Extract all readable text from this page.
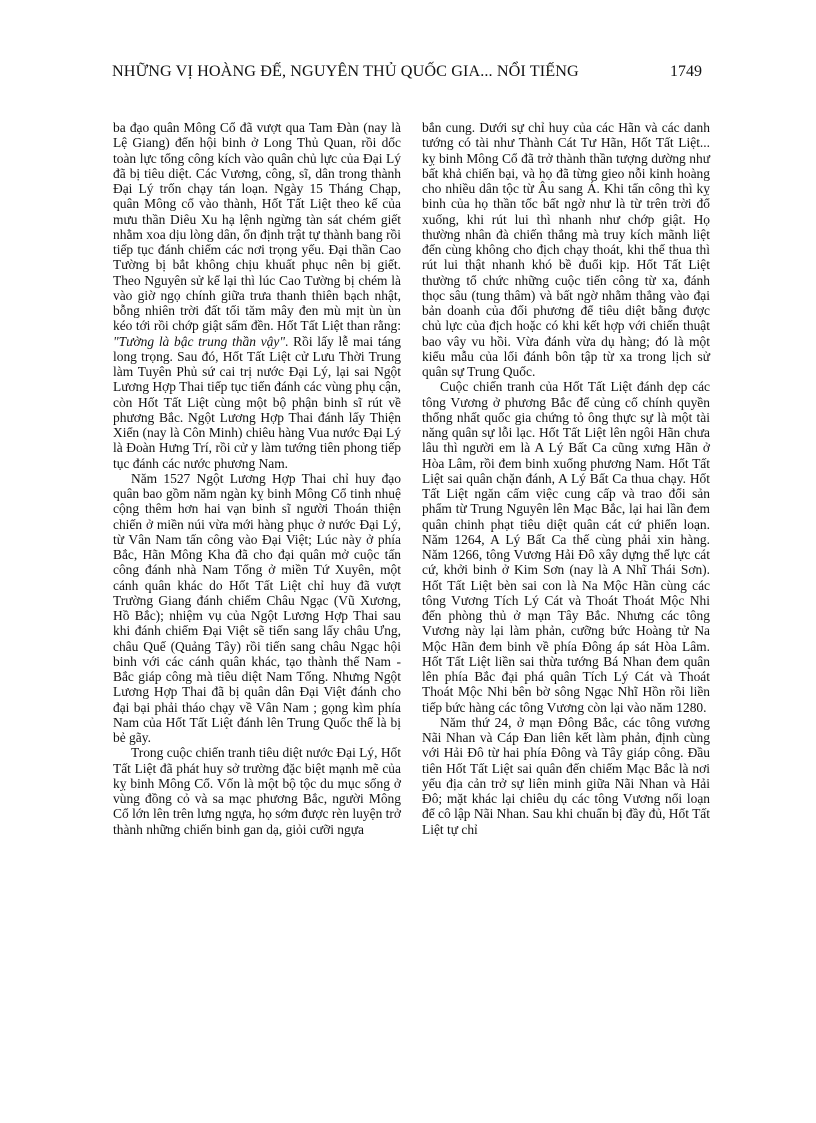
NHỮNG VỊ HOÀNG ĐẾ, NGUYÊN THỦ QUỐC GIA... NỔI TIẾNG	1749

ba đạo quân Mông Cổ đã vượt qua Tam Đàn (nay là Lệ Giang) đến hội binh ở Long Thủ Quan, rồi dốc toàn lực tổng công kích vào quân chủ lực của Đại Lý đã bị tiêu diệt. Các Vương, công, sĩ, dân trong thành Đại Lý trốn chạy tán loạn. Ngày 15 Tháng Chạp, quân Mông cổ vào thành, Hốt Tất Liệt theo kế của mưu thần Diêu Xu hạ lệnh ngừng tàn sát chém giết nhằm xoa dịu lòng dân, ổn định trật tự thành bang rồi tiếp tục đánh chiếm các nơi trọng yếu. Đại thần Cao Tường bị bắt không chịu khuất phục nên bị giết. Theo Nguyên sử kể lại thì lúc Cao Tường bị chém là vào giờ ngọ chính giữa trưa thanh thiên bạch nhật, bỗng nhiên trời đất tối tăm mây đen mù mịt ùn ùn kéo tới rồi chớp giật sấm đền. Hốt Tất Liệt than rằng: "Tường là bậc trung thần vậy". Rồi lấy lễ mai táng long trọng. Sau đó, Hốt Tất Liệt cử Lưu Thời Trung làm Tuyên Phủ sứ cai trị nước Đại Lý, lại sai Ngột Lương Hợp Thai tiếp tục tiến đánh các vùng phụ cận, còn Hốt Tất Liệt cùng một bộ phận binh sĩ rút về phương Bắc. Ngột Lương Hợp Thai đánh lấy Thiện Xiển (nay là Côn Minh) chiêu hàng Vua nước Đại Lý là Đoàn Hưng Trí, rồi cử y làm tướng tiên phong tiếp tục đánh các nước phương Nam.

Năm 1527 Ngột Lương Hợp Thai chỉ huy đạo quân bao gồm năm ngàn kỵ binh Mông Cổ tinh nhuệ cộng thêm hơn hai vạn binh sĩ người Thoán thiện chiến ở miền núi vừa mới hàng phục ở nước Đại Lý, từ Vân Nam tấn công vào Đại Việt; Lúc này ở phía Bắc, Hãn Mông Kha đã cho đại quân mở cuộc tấn công đánh nhà Nam Tống ở miền Tứ Xuyên, một cánh quân khác do Hốt Tất Liệt chỉ huy đã vượt Trường Giang đánh chiếm Châu Ngạc (Vũ Xương, Hồ Bắc); nhiệm vụ của Ngột Lương Hợp Thai sau khi đánh chiếm Đại Việt sẽ tiến sang lấy châu Ưng, châu Quế (Quảng Tây) rồi tiến sang châu Ngạc hội binh với các cánh quân khác, tạo thành thế Nam - Bắc giáp công mà tiêu diệt Nam Tống. Nhưng Ngột Lương Hợp Thai đã bị quân dân Đại Việt đánh cho đại bại phải tháo chạy về Vân Nam ; gọng kìm phía Nam của Hốt Tất Liệt đánh lên Trung Quốc thế là bị bẻ gãy.

Trong cuộc chiến tranh tiêu diệt nước Đại Lý, Hốt Tất Liệt đã phát huy sở trường đặc biệt mạnh mẽ của kỵ binh Mông Cổ. Vốn là một bộ tộc du mục sống ở vùng đồng cỏ và sa mạc phương Bắc, người Mông Cổ lớn lên trên lưng ngựa, họ sớm được rèn luyện trở thành những chiến binh gan dạ, giỏi cưỡi ngựa

bắn cung. Dưới sự chỉ huy của các Hãn và các danh tướng có tài như Thành Cát Tư Hãn, Hốt Tất Liệt... kỵ binh Mông Cổ đã trở thành thần tượng dường như bất khả chiến bại, và họ đã từng gieo nỗi kinh hoàng cho nhiều dân tộc từ Âu sang Á. Khi tấn công thì kỵ binh của họ thần tốc bất ngờ như là từ trên trời đổ xuống, khi rút lui thì nhanh như chớp giật. Họ thường nhân đà chiến thắng mà truy kích mãnh liệt đến cùng không cho địch chạy thoát, khi thế thua thì rút lui thật nhanh khó bề đuổi kịp. Hốt Tất Liệt thường tổ chức những cuộc tiến công từ xa, đánh thọc sâu (tung thâm) và bất ngờ nhằm thẳng vào đại bản doanh của đối phương để tiêu diệt bằng được chủ lực của địch hoặc có khi kết hợp với chiến thuật bao vây vu hồi. Vừa đánh vừa dụ hàng; đó là một kiểu mẫu của lối đánh bôn tập từ xa trong lịch sử quân sự Trung Quốc.

Cuộc chiến tranh của Hốt Tất Liệt đánh dẹp các tông Vương ở phương Bắc để củng cố chính quyền thống nhất quốc gia chứng tỏ ông thực sự là một tài năng quân sự lỗi lạc. Hốt Tất Liệt lên ngôi Hãn chưa lâu thì người em là A Lý Bất Ca cũng xưng Hãn ở Hòa Lâm, rồi đem binh xuống phương Nam. Hốt Tất Liệt sai quân chặn đánh, A Lý Bất Ca thua chạy. Hốt Tất Liệt ngăn cấm việc cung cấp và trao đổi sản phẩm từ Trung Nguyên lên Mạc Bắc, lại hai lần đem quân chinh phạt tiêu diệt quân cát cứ phiến loạn. Năm 1264, A Lý Bất Ca thế cùng phải xin hàng. Năm 1266, tông Vương Hải Đô xây dựng thế lực cát cứ, khởi binh ở Kim Sơn (nay là A Nhĩ Thái Sơn). Hốt Tất Liệt bèn sai con là Na Mộc Hãn cùng các tông Vương Tích Lý Cát và Thoát Thoát Mộc Nhi đến phòng thủ ở mạn Tây Bắc. Nhưng các tông Vương này lại làm phản, cưỡng bức Hoàng tử Na Mộc Hãn đem binh về phía Đông áp sát Hòa Lâm. Hốt Tất Liệt liền sai thừa tướng Bá Nhan đem quân lên phía Bắc đại phá quân Tích Lý Cát và Thoát Thoát Mộc Nhi bên bờ sông Ngạc Nhĩ Hồn rồi liền tiếp bức hàng các tông Vương còn lại vào năm 1280.

Năm thứ 24, ở mạn Đông Bắc, các tông vương Nãi Nhan và Cáp Đan liên kết làm phản, định cùng với Hải Đô từ hai phía Đông và Tây giáp công. Đầu tiên Hốt Tất Liệt sai quân đến chiếm Mạc Bắc là nơi yếu địa cản trở sự liên minh giữa Nãi Nhan và Hải Đô; mặt khác lại chiêu dụ các tông Vương nổi loạn để cô lập Nãi Nhan. Sau khi chuẩn bị đầy đủ, Hốt Tất Liệt tự chỉ
